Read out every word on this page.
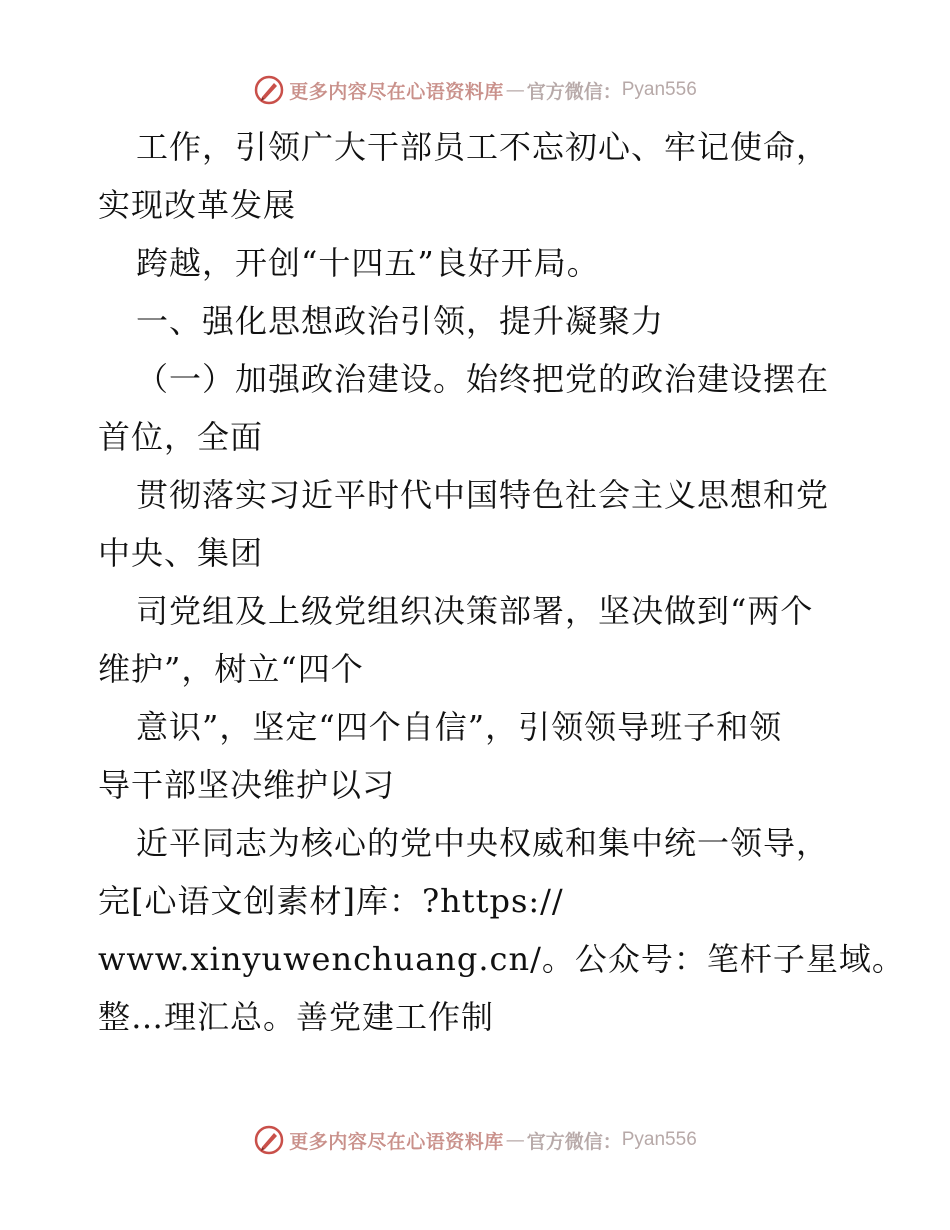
更多内容尽在心语资料库 — 官方微信： Pyan556
工作，引领广大干部员工不忘初心、牢记使命，
实现改革发展
跨越，开创“十四五”良好开局。
一、强化思想政治引领，提升凝聚力
（一）加强政治建设。始终把党的政治建设摆在
首位，全面
贯彻落实习近平时代中国特色社会主义思想和党
中央、集团
司党组及上级党组织决策部署，坚决做到“两个
维护”，树立“四个
意识”，坚定“四个自信”，引领领导班子和领
导干部坚决维护以习
近平同志为核心的党中央权威和集中统一领导，
完[心语文创素材]库：?https://
www.xinyuwenchuang.cn/。公众号：笔杆子星域。
整…理汇总。善党建工作制
更多内容尽在心语资料库 — 官方微信： Pyan556
